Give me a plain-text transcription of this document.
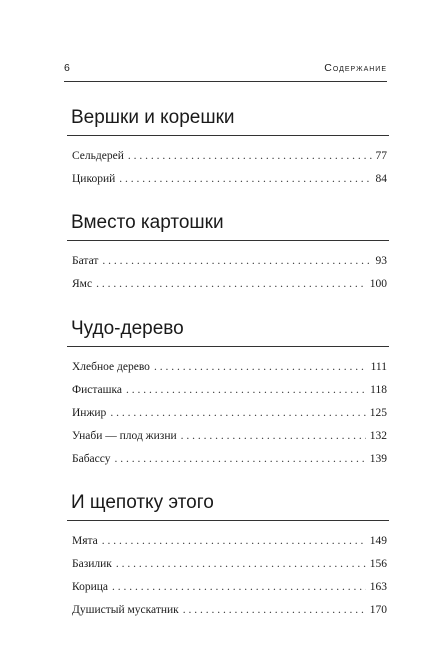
6	Содержание
Вершки и корешки
Сельдерей . . .	77
Цикорий . . .	84
Вместо картошки
Батат . . .	93
Ямс . . .	100
Чудо-дерево
Хлебное дерево . . .	111
Фисташка . . .	118
Инжир . . .	125
Унаби — плод жизни . . .	132
Бабассу . . .	139
И щепотку этого
Мята . . .	149
Базилик . . .	156
Корица . . .	163
Душистый мускатник . . .	170
